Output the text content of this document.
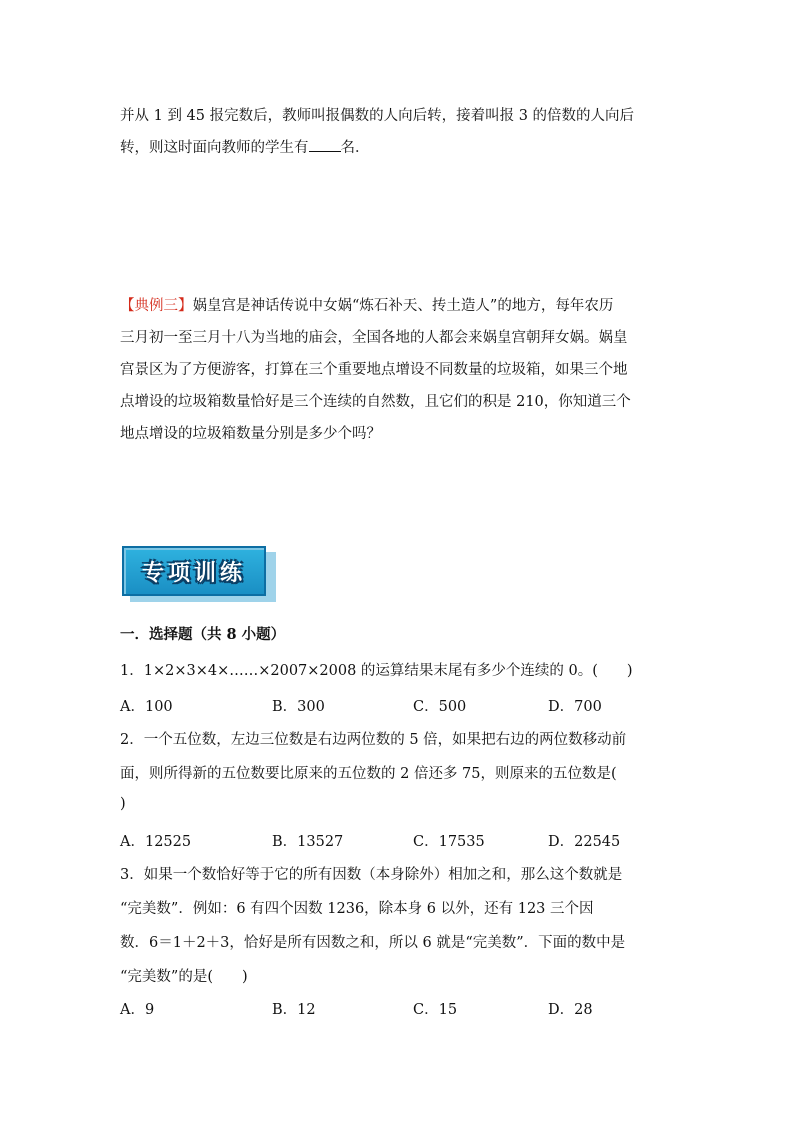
并从 1 到 45 报完数后，教师叫报偶数的人向后转，接着叫报 3 的倍数的人向后
转，则这时面向教师的学生有 名．
【典例三】娲皇宫是神话传说中女娲“炼石补天、抟土造人”的地方，每年农历
三月初一至三月十八为当地的庙会，全国各地的人都会来娲皇宫朝拜女娲。娲皇
宫景区为了方便游客，打算在三个重要地点增设不同数量的垃圾箱，如果三个地
点增设的垃圾箱数量恰好是三个连续的自然数，且它们的积是 210，你知道三个
地点增设的垃圾箱数量分别是多少个吗？
专项训练
一．选择题（共 8 小题）
1．1×2×3×4×……×2007×2008 的运算结果末尾有多少个连续的 0。(　　)
A．100	B．300	C．500	D．700
2．一个五位数，左边三位数是右边两位数的 5 倍，如果把右边的两位数移动前
面，则所得新的五位数要比原来的五位数的 2 倍还多 75，则原来的五位数是(
)
A．12525	B．13527	C．17535	D．22545
3．如果一个数恰好等于它的所有因数（本身除外）相加之和，那么这个数就是
“完美数”．例如：6 有四个因数 1236，除本身 6 以外，还有 123 三个因
数．6＝1＋2＋3，恰好是所有因数之和，所以 6 就是“完美数”．下面的数中是
“完美数”的是(　　)
A．9	B．12	C．15	D．28
